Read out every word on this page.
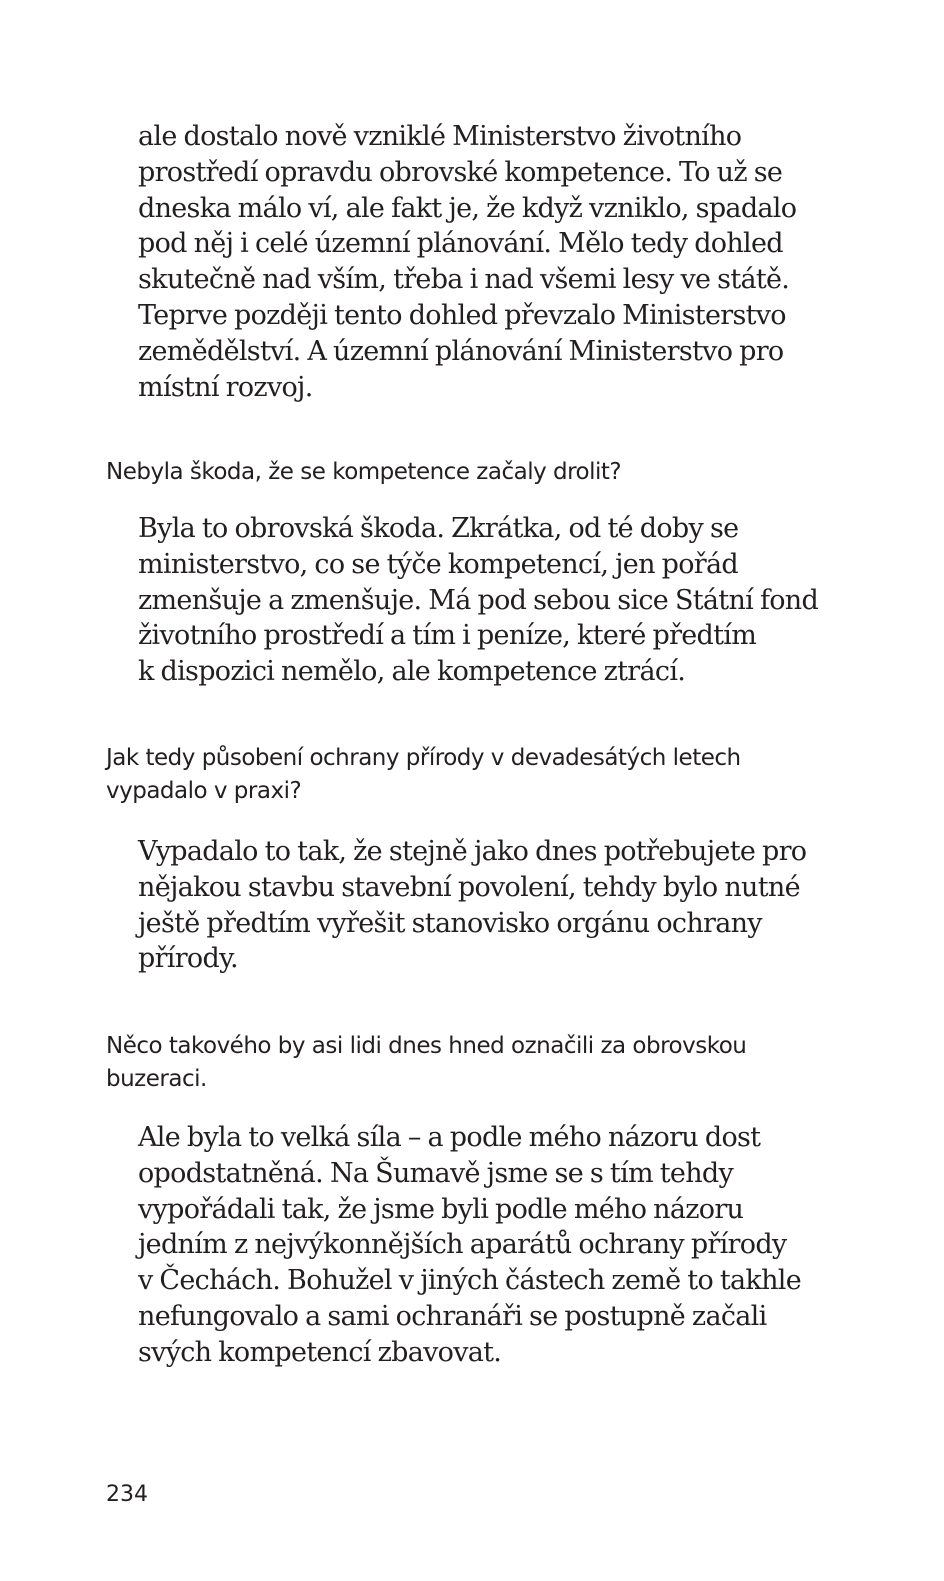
ale dostalo nově vzniklé Ministerstvo životního
prostředí opravdu obrovské kompetence. To už se
dneska málo ví, ale fakt je, že když vzniklo, spadalo
pod něj i celé územní plánování. Mělo tedy dohled
skutečně nad vším, třeba i nad všemi lesy ve státě.
Teprve později tento dohled převzalo Ministerstvo
zemědělství. A územní plánování Ministerstvo pro
místní rozvoj.
Nebyla škoda, že se kompetence začaly drolit?
Byla to obrovská škoda. Zkrátka, od té doby se
ministerstvo, co se týče kompetencí, jen pořád
zmenšuje a zmenšuje. Má pod sebou sice Státní fond
životního prostředí a tím i peníze, které předtím
k dispozici nemělo, ale kompetence ztrácí.
Jak tedy působení ochrany přírody v devadesátých letech
vypadalo v praxi?
Vypadalo to tak, že stejně jako dnes potřebujete pro
nějakou stavbu stavební povolení, tehdy bylo nutné
ještě předtím vyřešit stanovisko orgánu ochrany
přírody.
Něco takového by asi lidi dnes hned označili za obrovskou
buzeraci.
Ale byla to velká síla – a podle mého názoru dost
opodstatněná. Na Šumavě jsme se s tím tehdy
vypořádali tak, že jsme byli podle mého názoru
jedním z nejvýkonnějších aparátů ochrany přírody
v Čechách. Bohužel v jiných částech země to takhle
nefungovalo a sami ochranáři se postupně začali
svých kompetencí zbavovat.
234
